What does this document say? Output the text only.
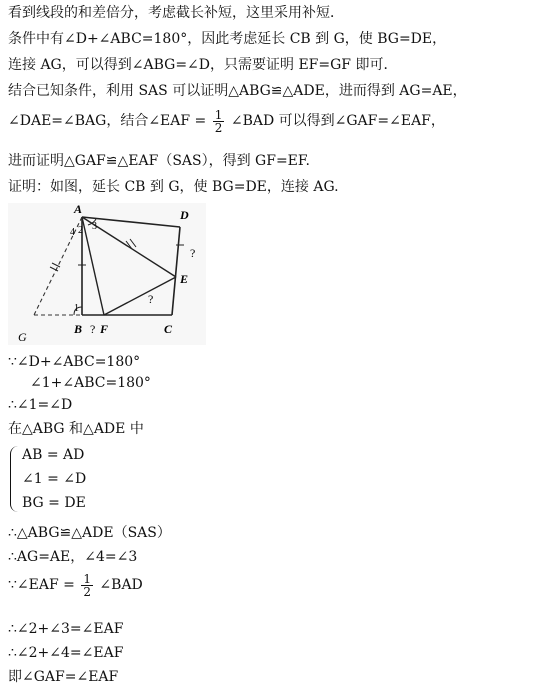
看到线段的和差倍分，考虑截长补短，这里采用补短．
条件中有∠D+∠ABC=180°，因此考虑延长 CB 到 G，使 BG=DE，
连接 AG，可以得到∠ABG=∠D，只需要证明 EF=GF 即可．
结合已知条件，利用 SAS 可以证明△ABG≌△ADE，进而得到 AG=AE，
∠DAE=∠BAG，结合∠EAF = $\frac{1}{2}$ ∠BAD 可以得到∠GAF=∠EAF，
进而证明△GAF≌△EAF（SAS），得到 GF=EF.
证明：如图，延长 CB 到 G，使 BG=DE，连接 AG.
A	D
E
B F	C
G
1
2 3
4
?
?
?
∵∠D+∠ABC=180°
∠1+∠ABC=180°
∴∠1=∠D
在△ABG 和△ADE 中
AB = AD
∠1 = ∠D
BG = DE
∴△ABG≌△ADE（SAS）
∴AG=AE，∠4=∠3
∵∠EAF = $\frac{1}{2}$ ∠BAD
∴∠2+∠3=∠EAF
∴∠2+∠4=∠EAF
即∠GAF=∠EAF
